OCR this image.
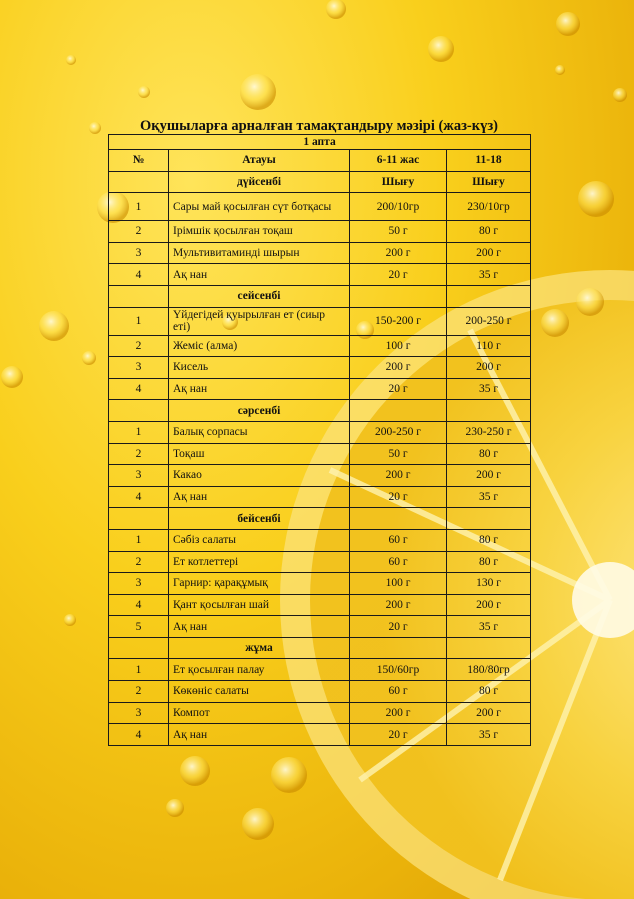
Оқушыларға арналған тамақтандыру мәзірі (жаз-күз)
1 апта			
№	Атауы	6-11 жас	11-18
	дүйсенбі	Шығу	Шығу
1	Сары май қосылған сүт ботқасы	200/10гр	230/10гр
2	Ірімшік қосылған тоқаш	50 г	80 г
3	Мультивитаминді шырын	200 г	200 г
4	Ақ нан	20 г	35 г
	сейсенбі		
1	Үйдегідей қуырылған ет (сиыр еті)	150-200 г	200-250 г
2	Жеміс (алма)	100 г	110 г
3	Кисель	200 г	200 г
4	Ақ нан	20 г	35 г
	сәрсенбі		
1	Балық сорпасы	200-250 г	230-250 г
2	Тоқаш	50 г	80 г
3	Какао	200 г	200 г
4	Ақ нан	20 г	35 г
	бейсенбі		
1	Сәбіз салаты	60 г	80 г
2	Ет котлеттері	60 г	80 г
3	Гарнир: қарақұмық	100 г	130 г
4	Қант қосылған шай	200 г	200 г
5	Ақ нан	20 г	35 г
	жұма		
1	Ет қосылған палау	150/60гр	180/80гр
2	Көкөніс салаты	60 г	80 г
3	Компот	200 г	200 г
4	Ақ нан	20 г	35 г
